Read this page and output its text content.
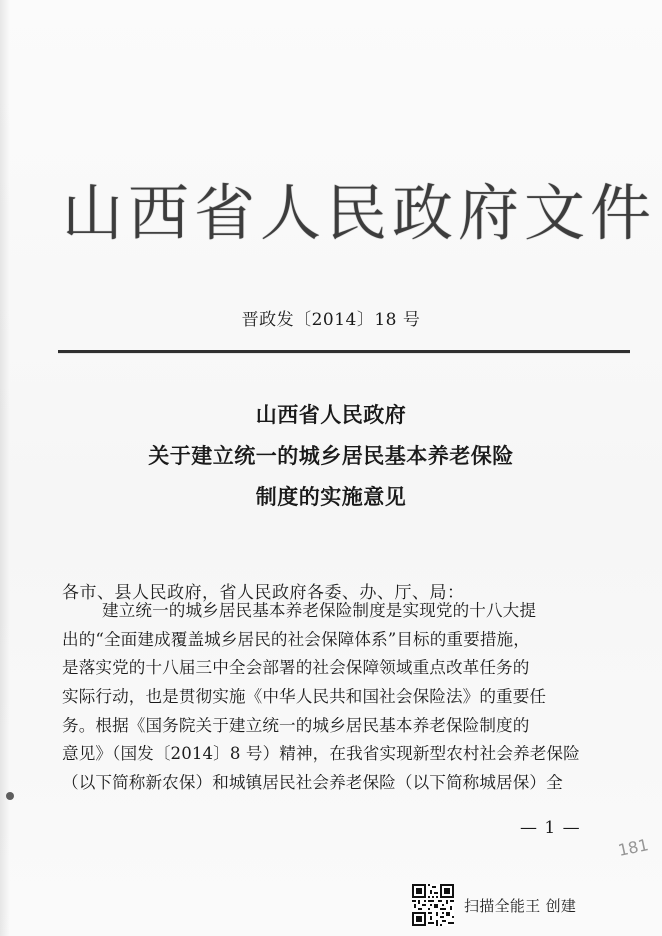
山西省人民政府文件
晋政发〔2014〕18 号
山西省人民政府
关于建立统一的城乡居民基本养老保险
制度的实施意见
各市、县人民政府，省人民政府各委、办、厅、局：
建立统一的城乡居民基本养老保险制度是实现党的十八大提
出的“全面建成覆盖城乡居民的社会保障体系”目标的重要措施，
是落实党的十八届三中全会部署的社会保障领域重点改革任务的
实际行动，也是贯彻实施《中华人民共和国社会保险法》的重要任
务。根据《国务院关于建立统一的城乡居民基本养老保险制度的
意见》（国发〔2014〕8 号）精神，在我省实现新型农村社会养老保险
（以下简称新农保）和城镇居民社会养老保险（以下简称城居保）全
— 1 —
181
扫描全能王 创建
